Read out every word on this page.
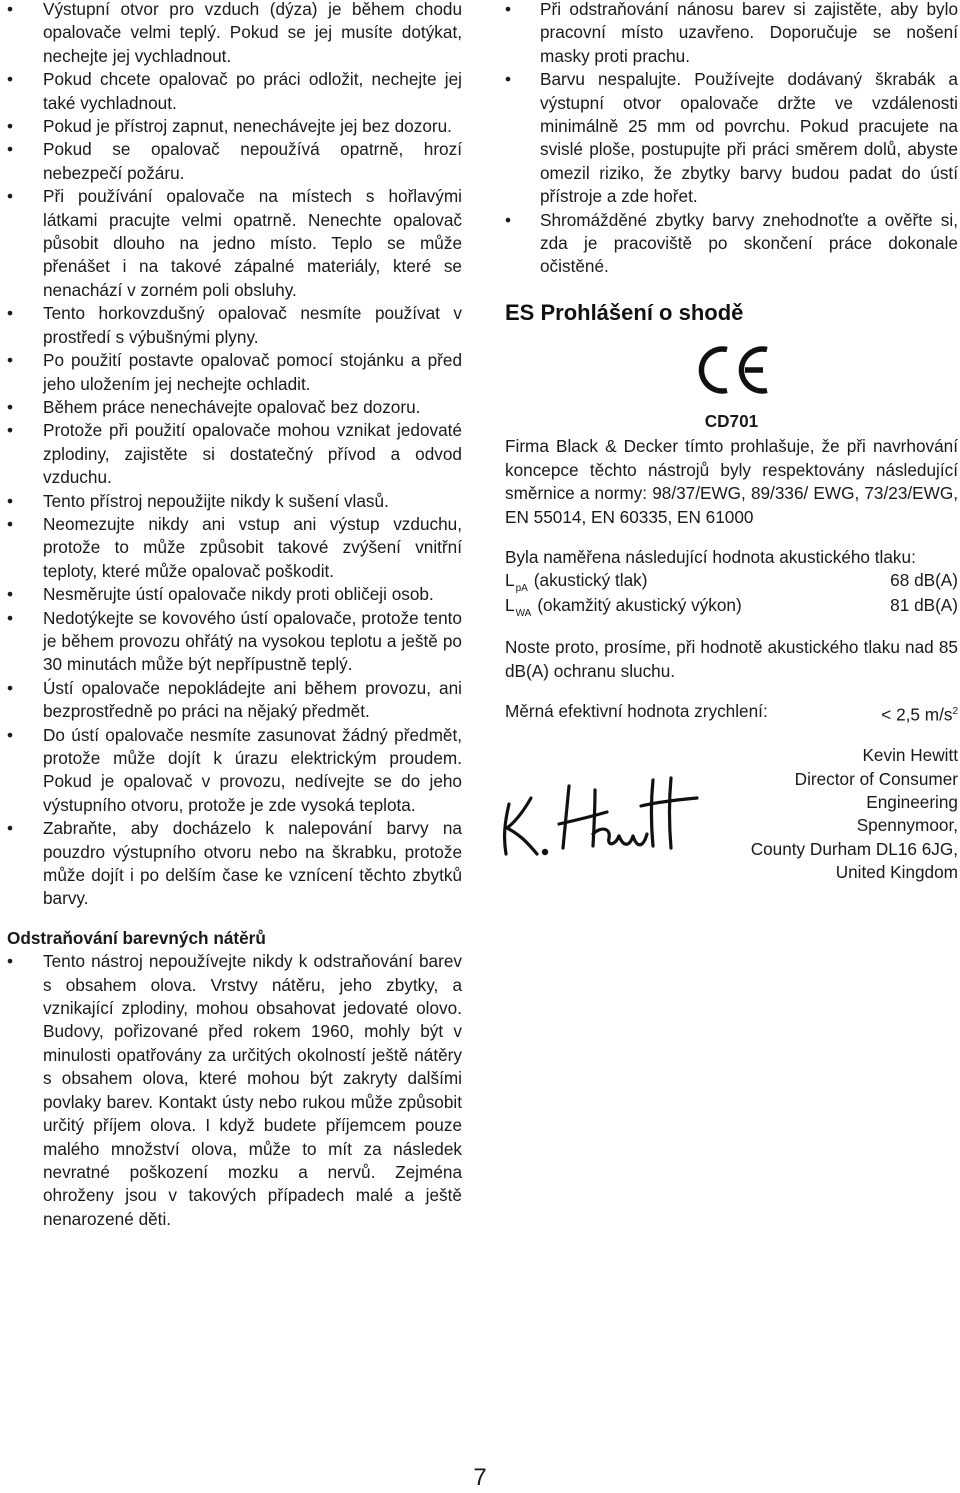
• Výstupní otvor pro vzduch (dýza) je během chodu opalovače velmi teplý. Pokud se jej musíte dotýkat, nechejte jej vychladnout.
• Pokud chcete opalovač po práci odložit, nechejte jej také vychladnout.
• Pokud je přístroj zapnut, nenechávejte jej bez dozoru.
• Pokud se opalovač nepoužívá opatrně, hrozí nebezpečí požáru.
• Při používání opalovače na místech s hořlavými látkami pracujte velmi opatrně. Nenechte opalovač působit dlouho na jedno místo. Teplo se může přenášet i na takové zápalné materiály, které se nenachází v zorném poli obsluhy.
• Tento horkovzdušný opalovač nesmíte používat v prostředí s výbušnými plyny.
• Po použití postavte opalovač pomocí stojánku a před jeho uložením jej nechejte ochladit.
• Během práce nenechávejte opalovač bez dozoru.
• Protože při použití opalovače mohou vznikat jedovaté zplodiny, zajistěte si dostatečný přívod a odvod vzduchu.
• Tento přístroj nepoužijte nikdy k sušení vlasů.
• Neomezujte nikdy ani vstup ani výstup vzduchu, protože to může způsobit takové zvýšení vnitřní teploty, které může opalovač poškodit.
• Nesměrujte ústí opalovače nikdy proti obličeji osob.
• Nedotýkejte se kovového ústí opalovače, protože tento je během provozu ohřátý na vysokou teplotu a ještě po 30 minutách může být nepřípustně teplý.
• Ústí opalovače nepokládejte ani během provozu, ani bezprostředně po práci na nějaký předmět.
• Do ústí opalovače nesmíte zasunovat žádný předmět, protože může dojít k úrazu elektrickým proudem. Pokud je opalovač v provozu, nedívejte se do jeho výstupního otvoru, protože je zde vysoká teplota.
• Zabraňte, aby docházelo k nalepování barvy na pouzdro výstupního otvoru nebo na škrabku, protože může dojít i po delším čase ke vznícení těchto zbytků barvy.
Odstraňování barevných nátěrů
• Tento nástroj nepoužívejte nikdy k odstraňování barev s obsahem olova. Vrstvy nátěru, jeho zbytky, a vznikající zplodiny, mohou obsahovat jedovaté olovo. Budovy, pořizované před rokem 1960, mohly být v minulosti opatřovány za určitých okolností ještě nátěry s obsahem olova, které mohou být zakryty dalšími povlaky barev. Kontakt ústy nebo rukou může způsobit určitý příjem olova. I když budete příjemcem pouze malého množství olova, může to mít za následek nevratné poškození mozku a nervů. Zejména ohroženy jsou v takových případech malé a ještě nenarozené děti.
• Při odstraňování nánosu barev si zajistěte, aby bylo pracovní místo uzavřeno. Doporučuje se nošení masky proti prachu.
• Barvu nespalujte. Používejte dodávaný škrabák a výstupní otvor opalovače držte ve vzdálenosti minimálně 25 mm od povrchu. Pokud pracujete na svislé ploše, postupujte při práci směrem dolů, abyste omezil riziko, že zbytky barvy budou padat do ústí přístroje a zde hořet.
• Shromážděné zbytky barvy znehodnoťte a ověřte si, zda je pracoviště po skončení práce dokonale očistěné.
ES Prohlášení o shodě
CD701
Firma Black & Decker tímto prohlašuje, že při navrhování koncepce těchto nástrojů byly respektovány následující směrnice a normy: 98/37/EWG, 89/336/ EWG, 73/23/EWG, EN 55014, EN 60335, EN 61000
Byla naměřena následující hodnota akustického tlaku:
$L_{pA}$ (akustický tlak)	68 dB(A)
$L_{WA}$ (okamžitý akustický výkon)	81 dB(A)
Noste proto, prosíme, při hodnotě akustického tlaku nad 85 dB(A) ochranu sluchu.
Měrná efektivní hodnota zrychlení:	< 2,5 $m/s^2$
Kevin Hewitt
Director of Consumer
Engineering
Spennymoor,
County Durham DL16 6JG,
United Kingdom
7
